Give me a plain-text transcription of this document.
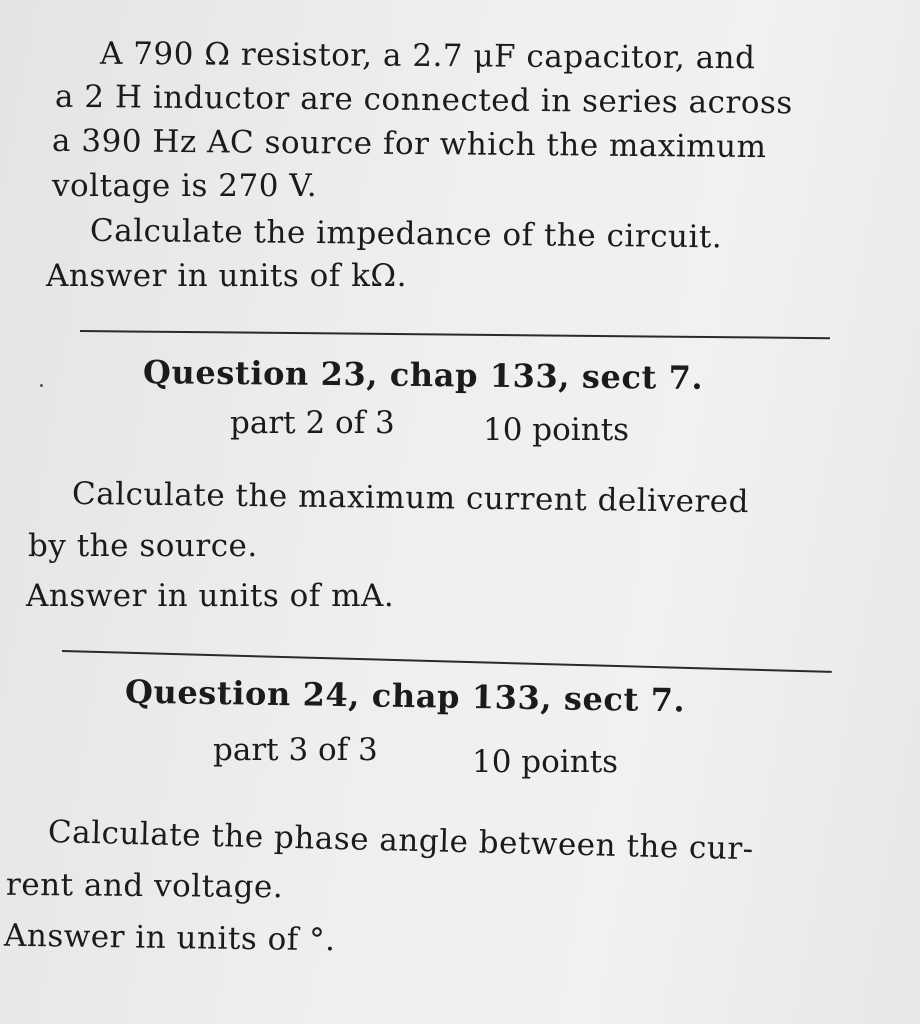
A 790 Ω resistor, a 2.7 μF capacitor, and
a 2 H inductor are connected in series across
a 390 Hz AC source for which the maximum
voltage is 270 V.
Calculate the impedance of the circuit.
Answer in units of kΩ.
Question 23, chap 133, sect 7.
part 2 of 3	10 points
Calculate the maximum current delivered
by the source.
Answer in units of mA.
Question 24, chap 133, sect 7.
part 3 of 3	10 points
Calculate the phase angle between the cur-
rent and voltage.
Answer in units of °.
